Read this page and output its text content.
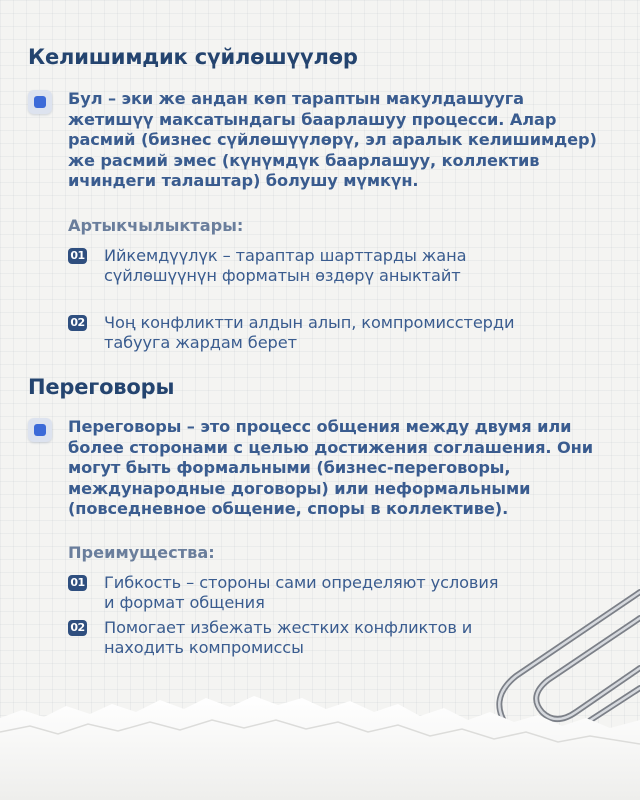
Келишимдик сүйлөшүүлөр

Бул – эки же андан көп тараптын макулдашууга жетишүү максатындагы баарлашуу процесси. Алар расмий (бизнес сүйлөшүүлөрү, эл аралык келишимдер) же расмий эмес (күнүмдүк баарлашуу, коллектив ичиндеги талаштар) болушу мүмкүн.

Артыкчылыктары:

01 Ийкемдүүлүк – тараптар шарттарды жана сүйлөшүүнүн форматын өздөрү аныктайт
02 Чоң конфликтти алдын алып, компромисстерди табууга жардам берет
Переговоры

Переговоры – это процесс общения между двумя или более сторонами с целью достижения соглашения. Они могут быть формальными (бизнес-переговоры, международные договоры) или неформальными (повседневное общение, споры в коллективе).

Преимущества:

01 Гибкость – стороны сами определяют условия и формат общения
02 Помогает избежать жестких конфликтов и находить компромиссы
